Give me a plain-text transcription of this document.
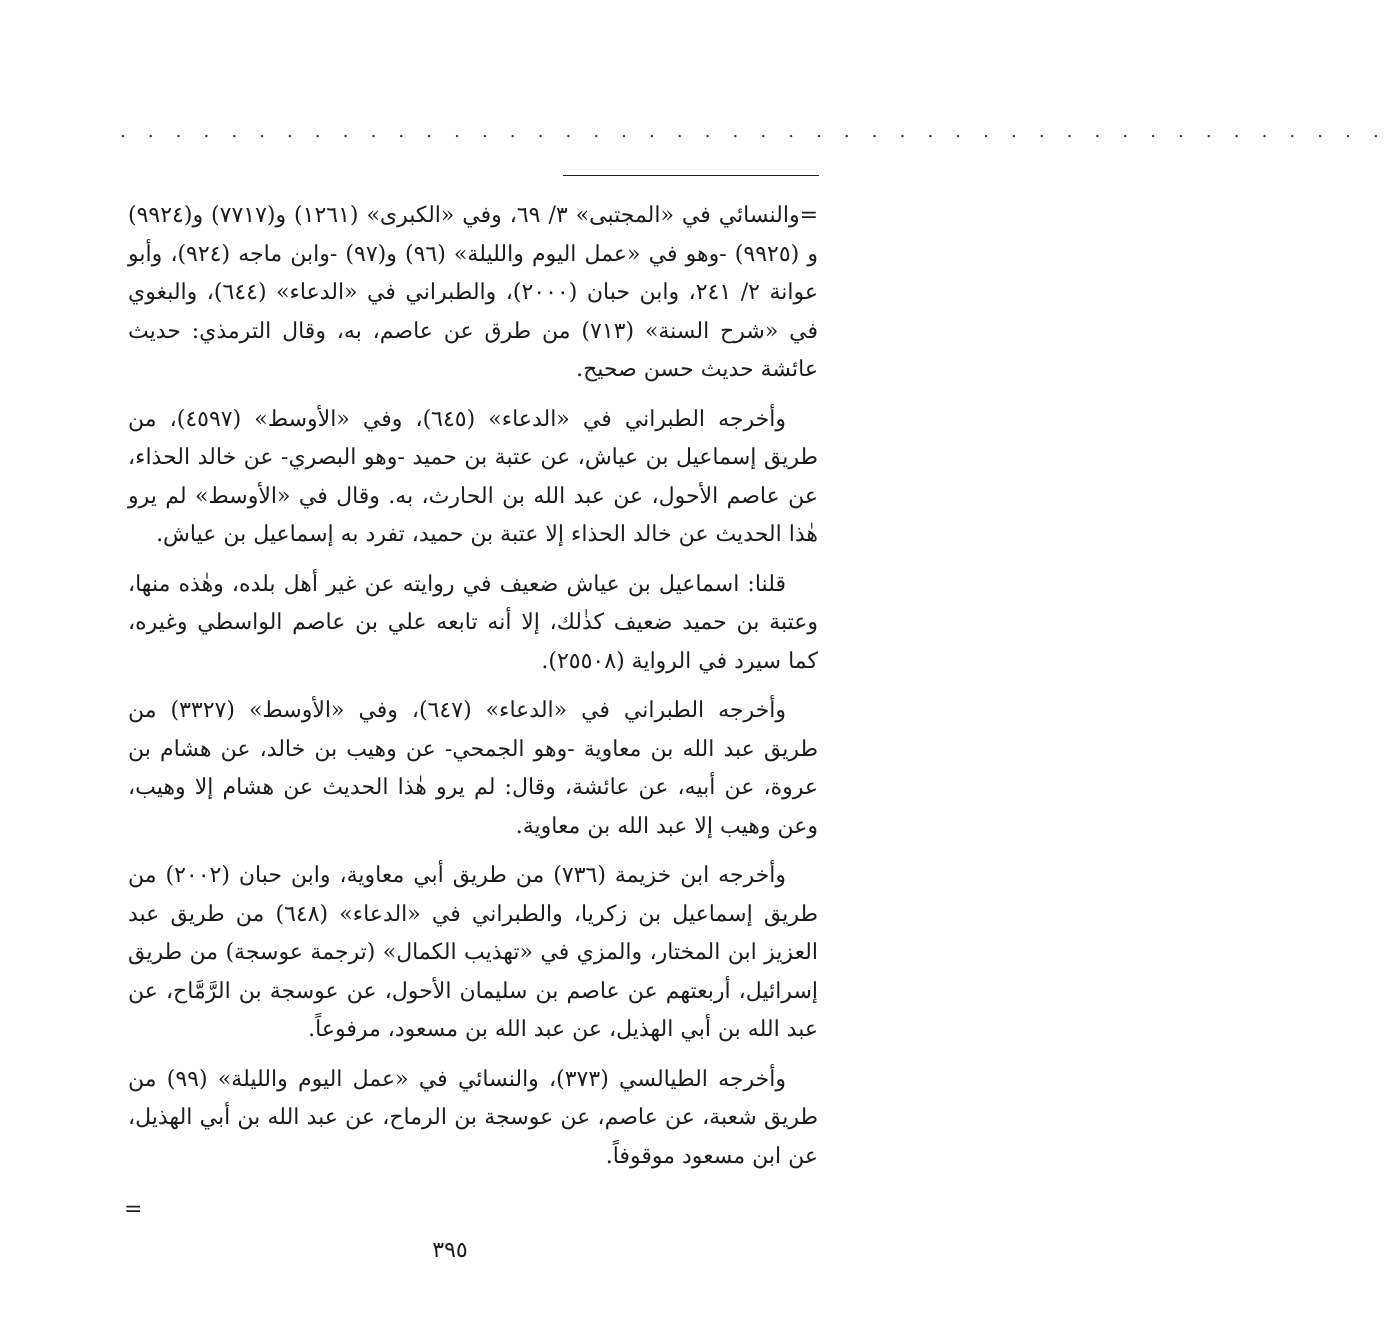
. . . . . . . . . . . . . . . . . . . . . . . . . . . . . . . . . . . . . . . . . . . . . .

=والنسائي في «المجتبى» ٣/ ٦٩، وفي «الكبرى» (١٢٦١) و(٧٧١٧) و(٩٩٢٤) و (٩٩٢٥) -وهو في «عمل اليوم والليلة» (٩٦) و(٩٧) -وابن ماجه (٩٢٤)، وأبو عوانة ٢/ ٢٤١، وابن حبان (٢٠٠٠)، والطبراني في «الدعاء» (٦٤٤)، والبغوي في «شرح السنة» (٧١٣) من طرق عن عاصم، به، وقال الترمذي: حديث عائشة حديث حسن صحيح.

وأخرجه الطبراني في «الدعاء» (٦٤٥)، وفي «الأوسط» (٤٥٩٧)، من طريق إسماعيل بن عياش، عن عتبة بن حميد -وهو البصري- عن خالد الحذاء، عن عاصم الأحول، عن عبد الله بن الحارث، به. وقال في «الأوسط» لم يرو هٰذا الحديث عن خالد الحذاء إلا عتبة بن حميد، تفرد به إسماعيل بن عياش.

قلنا: اسماعيل بن عياش ضعيف في روايته عن غير أهل بلده، وهٰذه منها، وعتبة بن حميد ضعيف كذٰلك، إلا أنه تابعه علي بن عاصم الواسطي وغيره، كما سيرد في الرواية (٢٥٥٠٨).

وأخرجه الطبراني في «الدعاء» (٦٤٧)، وفي «الأوسط» (٣٣٢٧) من طريق عبد الله بن معاوية -وهو الجمحي- عن وهيب بن خالد، عن هشام بن عروة، عن أبيه، عن عائشة، وقال: لم يرو هٰذا الحديث عن هشام إلا وهيب، وعن وهيب إلا عبد الله بن معاوية.

وأخرجه ابن خزيمة (٧٣٦) من طريق أبي معاوية، وابن حبان (٢٠٠٢) من طريق إسماعيل بن زكريا، والطبراني في «الدعاء» (٦٤٨) من طريق عبد العزيز ابن المختار، والمزي في «تهذيب الكمال» (ترجمة عوسجة) من طريق إسرائيل، أربعتهم عن عاصم بن سليمان الأحول، عن عوسجة بن الرَّمَّاح، عن عبد الله بن أبي الهذيل، عن عبد الله بن مسعود، مرفوعاً.

وأخرجه الطيالسي (٣٧٣)، والنسائي في «عمل اليوم والليلة» (٩٩) من طريق شعبة، عن عاصم، عن عوسجة بن الرماح، عن عبد الله بن أبي الهذيل، عن ابن مسعود موقوفاً.

=
٣٩٥
